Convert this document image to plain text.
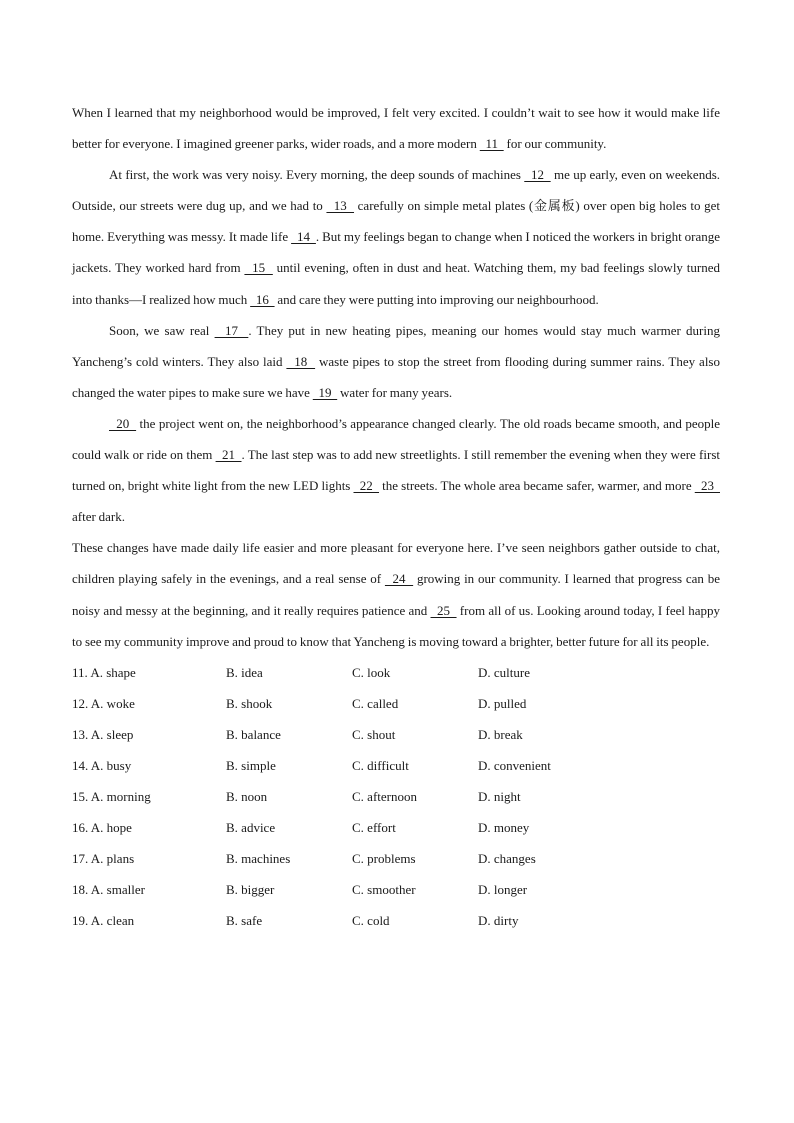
When I learned that my neighborhood would be improved, I felt very excited. I couldn’t wait to see how it would make life better for everyone. I imagined greener parks, wider roads, and a more modern   11   for our community.

At first, the work was very noisy. Every morning, the deep sounds of machines   12   me up early, even on weekends. Outside, our streets were dug up, and we had to   13   carefully on simple metal plates (金属板) over open big holes to get home. Everything was messy. It made life   14  . But my feelings began to change when I noticed the workers in bright orange jackets. They worked hard from   15   until evening, often in dust and heat. Watching them, my bad feelings slowly turned into thanks—I realized how much   16   and care they were putting into improving our neighbourhood.

Soon, we saw real   17  . They put in new heating pipes, meaning our homes would stay much warmer during Yancheng’s cold winters. They also laid   18   waste pipes to stop the street from flooding during summer rains. They also changed the water pipes to make sure we have   19   water for many years.

20   the project went on, the neighborhood’s appearance changed clearly. The old roads became smooth, and people could walk or ride on them   21  . The last step was to add new streetlights. I still remember the evening when they were first turned on, bright white light from the new LED lights   22   the streets. The whole area became safer, warmer, and more   23   after dark.

These changes have made daily life easier and more pleasant for everyone here. I’ve seen neighbors gather outside to chat, children playing safely in the evenings, and a real sense of   24   growing in our community. I learned that progress can be noisy and messy at the beginning, and it really requires patience and   25   from all of us. Looking around today, I feel happy to see my community improve and proud to know that Yancheng is moving toward a brighter, better future for all its people.

11. A. shape	B. idea	C. look	D. culture
12. A. woke	B. shook	C. called	D. pulled
13. A. sleep	B. balance	C. shout	D. break
14. A. busy	B. simple	C. difficult	D. convenient
15. A. morning	B. noon	C. afternoon	D. night
16. A. hope	B. advice	C. effort	D. money
17. A. plans	B. machines	C. problems	D. changes
18. A. smaller	B. bigger	C. smoother	D. longer
19. A. clean	B. safe	C. cold	D. dirty
